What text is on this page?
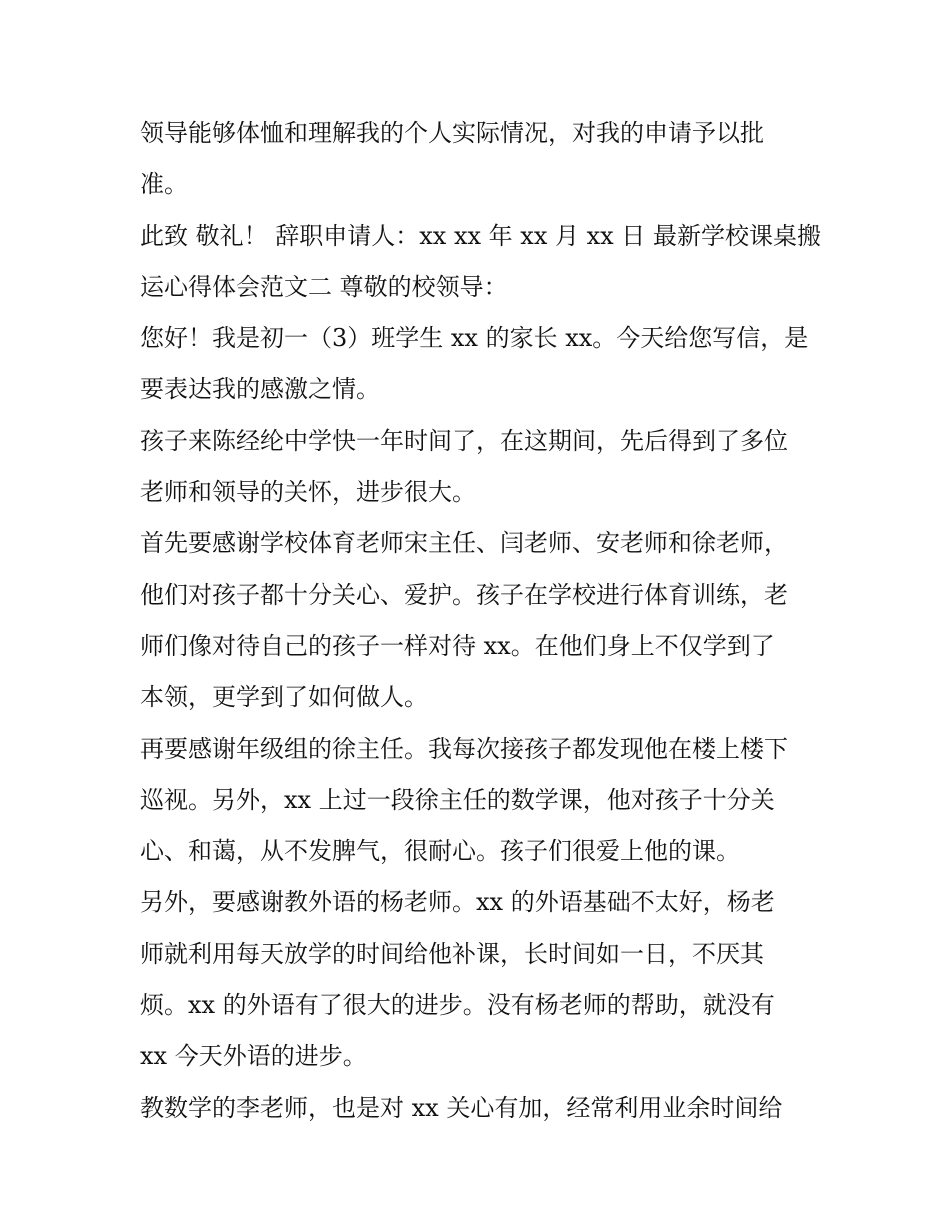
领导能够体恤和理解我的个人实际情况，对我的申请予以批
准。
此致 敬礼！ 辞职申请人：xx xx 年 xx 月 xx 日 最新学校课桌搬
运心得体会范文二 尊敬的校领导：
您好！我是初一（3）班学生 xx 的家长 xx。今天给您写信，是
要表达我的感激之情。
孩子来陈经纶中学快一年时间了，在这期间，先后得到了多位
老师和领导的关怀，进步很大。
首先要感谢学校体育老师宋主任、闫老师、安老师和徐老师，
他们对孩子都十分关心、爱护。孩子在学校进行体育训练，老
师们像对待自己的孩子一样对待 xx。在他们身上不仅学到了
本领，更学到了如何做人。
再要感谢年级组的徐主任。我每次接孩子都发现他在楼上楼下
巡视。另外，xx 上过一段徐主任的数学课，他对孩子十分关
心、和蔼，从不发脾气，很耐心。孩子们很爱上他的课。
另外，要感谢教外语的杨老师。xx 的外语基础不太好，杨老
师就利用每天放学的时间给他补课，长时间如一日，不厌其
烦。xx 的外语有了很大的进步。没有杨老师的帮助，就没有
xx 今天外语的进步。
教数学的李老师，也是对 xx 关心有加，经常利用业余时间给
